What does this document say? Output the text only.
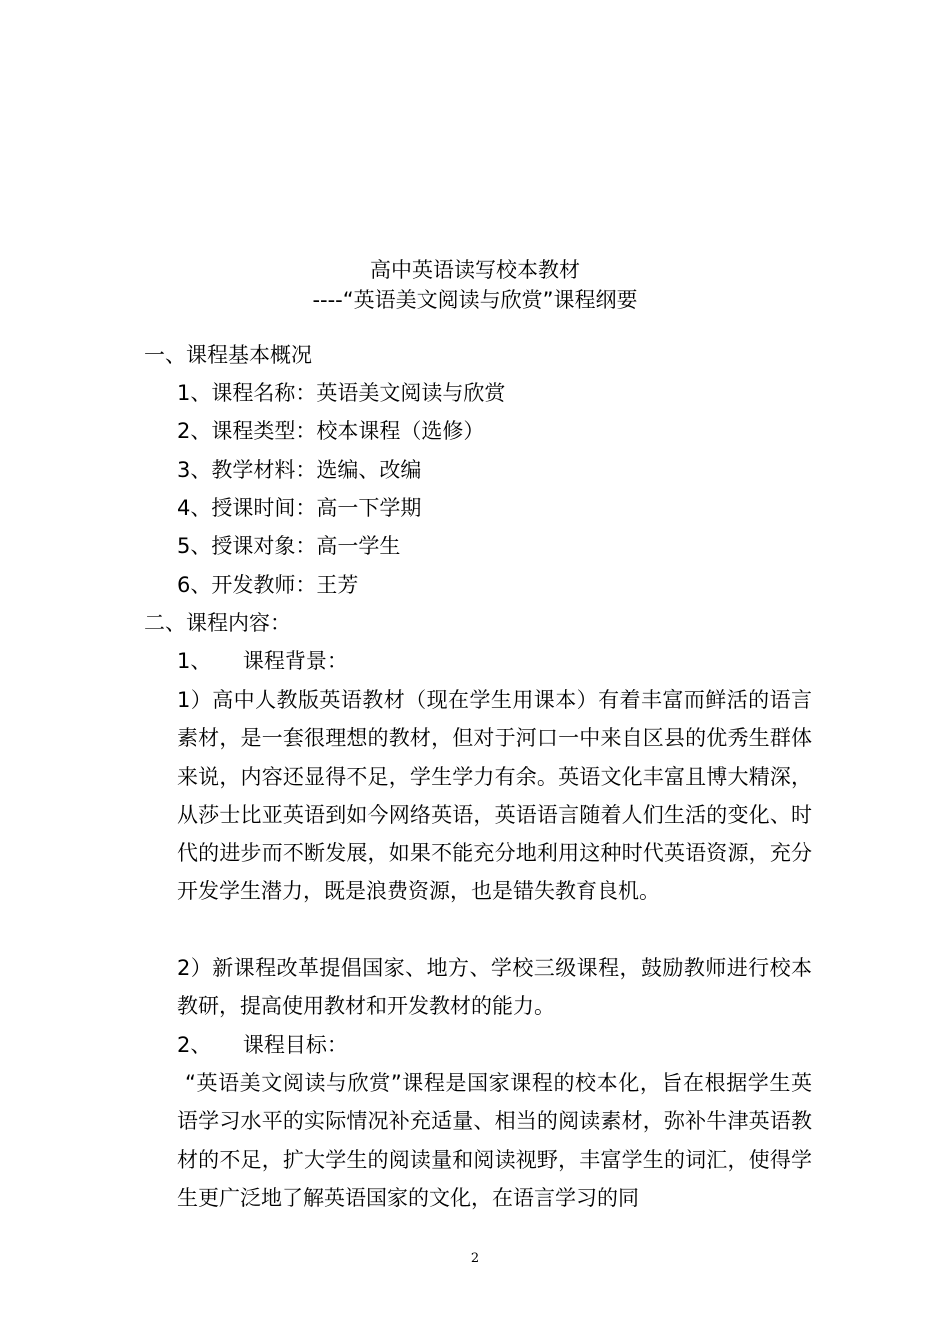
高中英语读写校本教材
----“英语美文阅读与欣赏”课程纲要
一、课程基本概况
1、课程名称：英语美文阅读与欣赏
2、课程类型：校本课程（选修）
3、教学材料：选编、改编
4、授课时间：高一下学期
5、授课对象：高一学生
6、开发教师：王芳
二、课程内容：
1、　　课程背景：
1）高中人教版英语教材（现在学生用课本）有着丰富而鲜活的语言素材，是一套很理想的教材，但对于河口一中来自区县的优秀生群体来说，内容还显得不足，学生学力有余。英语文化丰富且博大精深，从莎士比亚英语到如今网络英语，英语语言随着人们生活的变化、时代的进步而不断发展，如果不能充分地利用这种时代英语资源，充分开发学生潜力，既是浪费资源，也是错失教育良机。
2）新课程改革提倡国家、地方、学校三级课程，鼓励教师进行校本教研，提高使用教材和开发教材的能力。
2、　　课程目标：
“英语美文阅读与欣赏”课程是国家课程的校本化，旨在根据学生英语学习水平的实际情况补充适量、相当的阅读素材，弥补牛津英语教材的不足，扩大学生的阅读量和阅读视野，丰富学生的词汇，使得学生更广泛地了解英语国家的文化，在语言学习的同
2
